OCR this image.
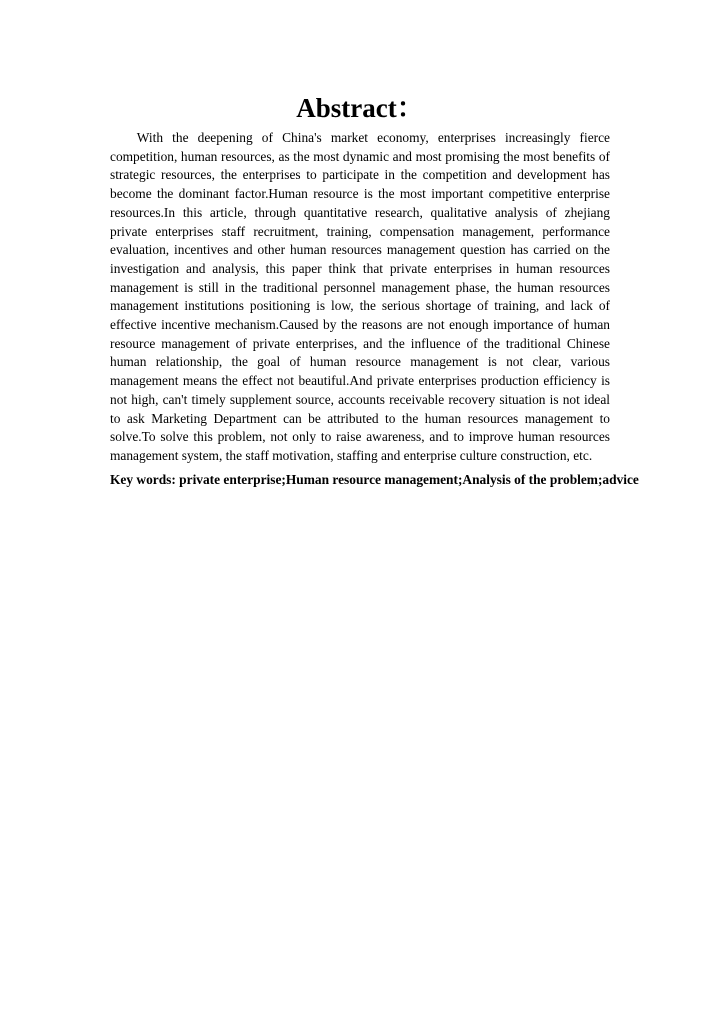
Abstract：

With the deepening of China's market economy, enterprises increasingly fierce competition, human resources, as the most dynamic and most promising the most benefits of strategic resources, the enterprises to participate in the competition and development has become the dominant factor.Human resource is the most important competitive enterprise resources.In this article, through quantitative research, qualitative analysis of zhejiang private enterprises staff recruitment, training, compensation management, performance evaluation, incentives and other human resources management question has carried on the investigation and analysis, this paper think that private enterprises in human resources management is still in the traditional personnel management phase, the human resources management institutions positioning is low, the serious shortage of training, and lack of effective incentive mechanism.Caused by the reasons are not enough importance of human resource management of private enterprises, and the influence of the traditional Chinese human relationship, the goal of human resource management is not clear, various management means the effect not beautiful.And private enterprises production efficiency is not high, can't timely supplement source, accounts receivable recovery situation is not ideal to ask Marketing Department can be attributed to the human resources management to solve.To solve this problem, not only to raise awareness, and to improve human resources management system, the staff motivation, staffing and enterprise culture construction, etc.

Key words: private enterprise;Human resource management;Analysis of the problem;advice
